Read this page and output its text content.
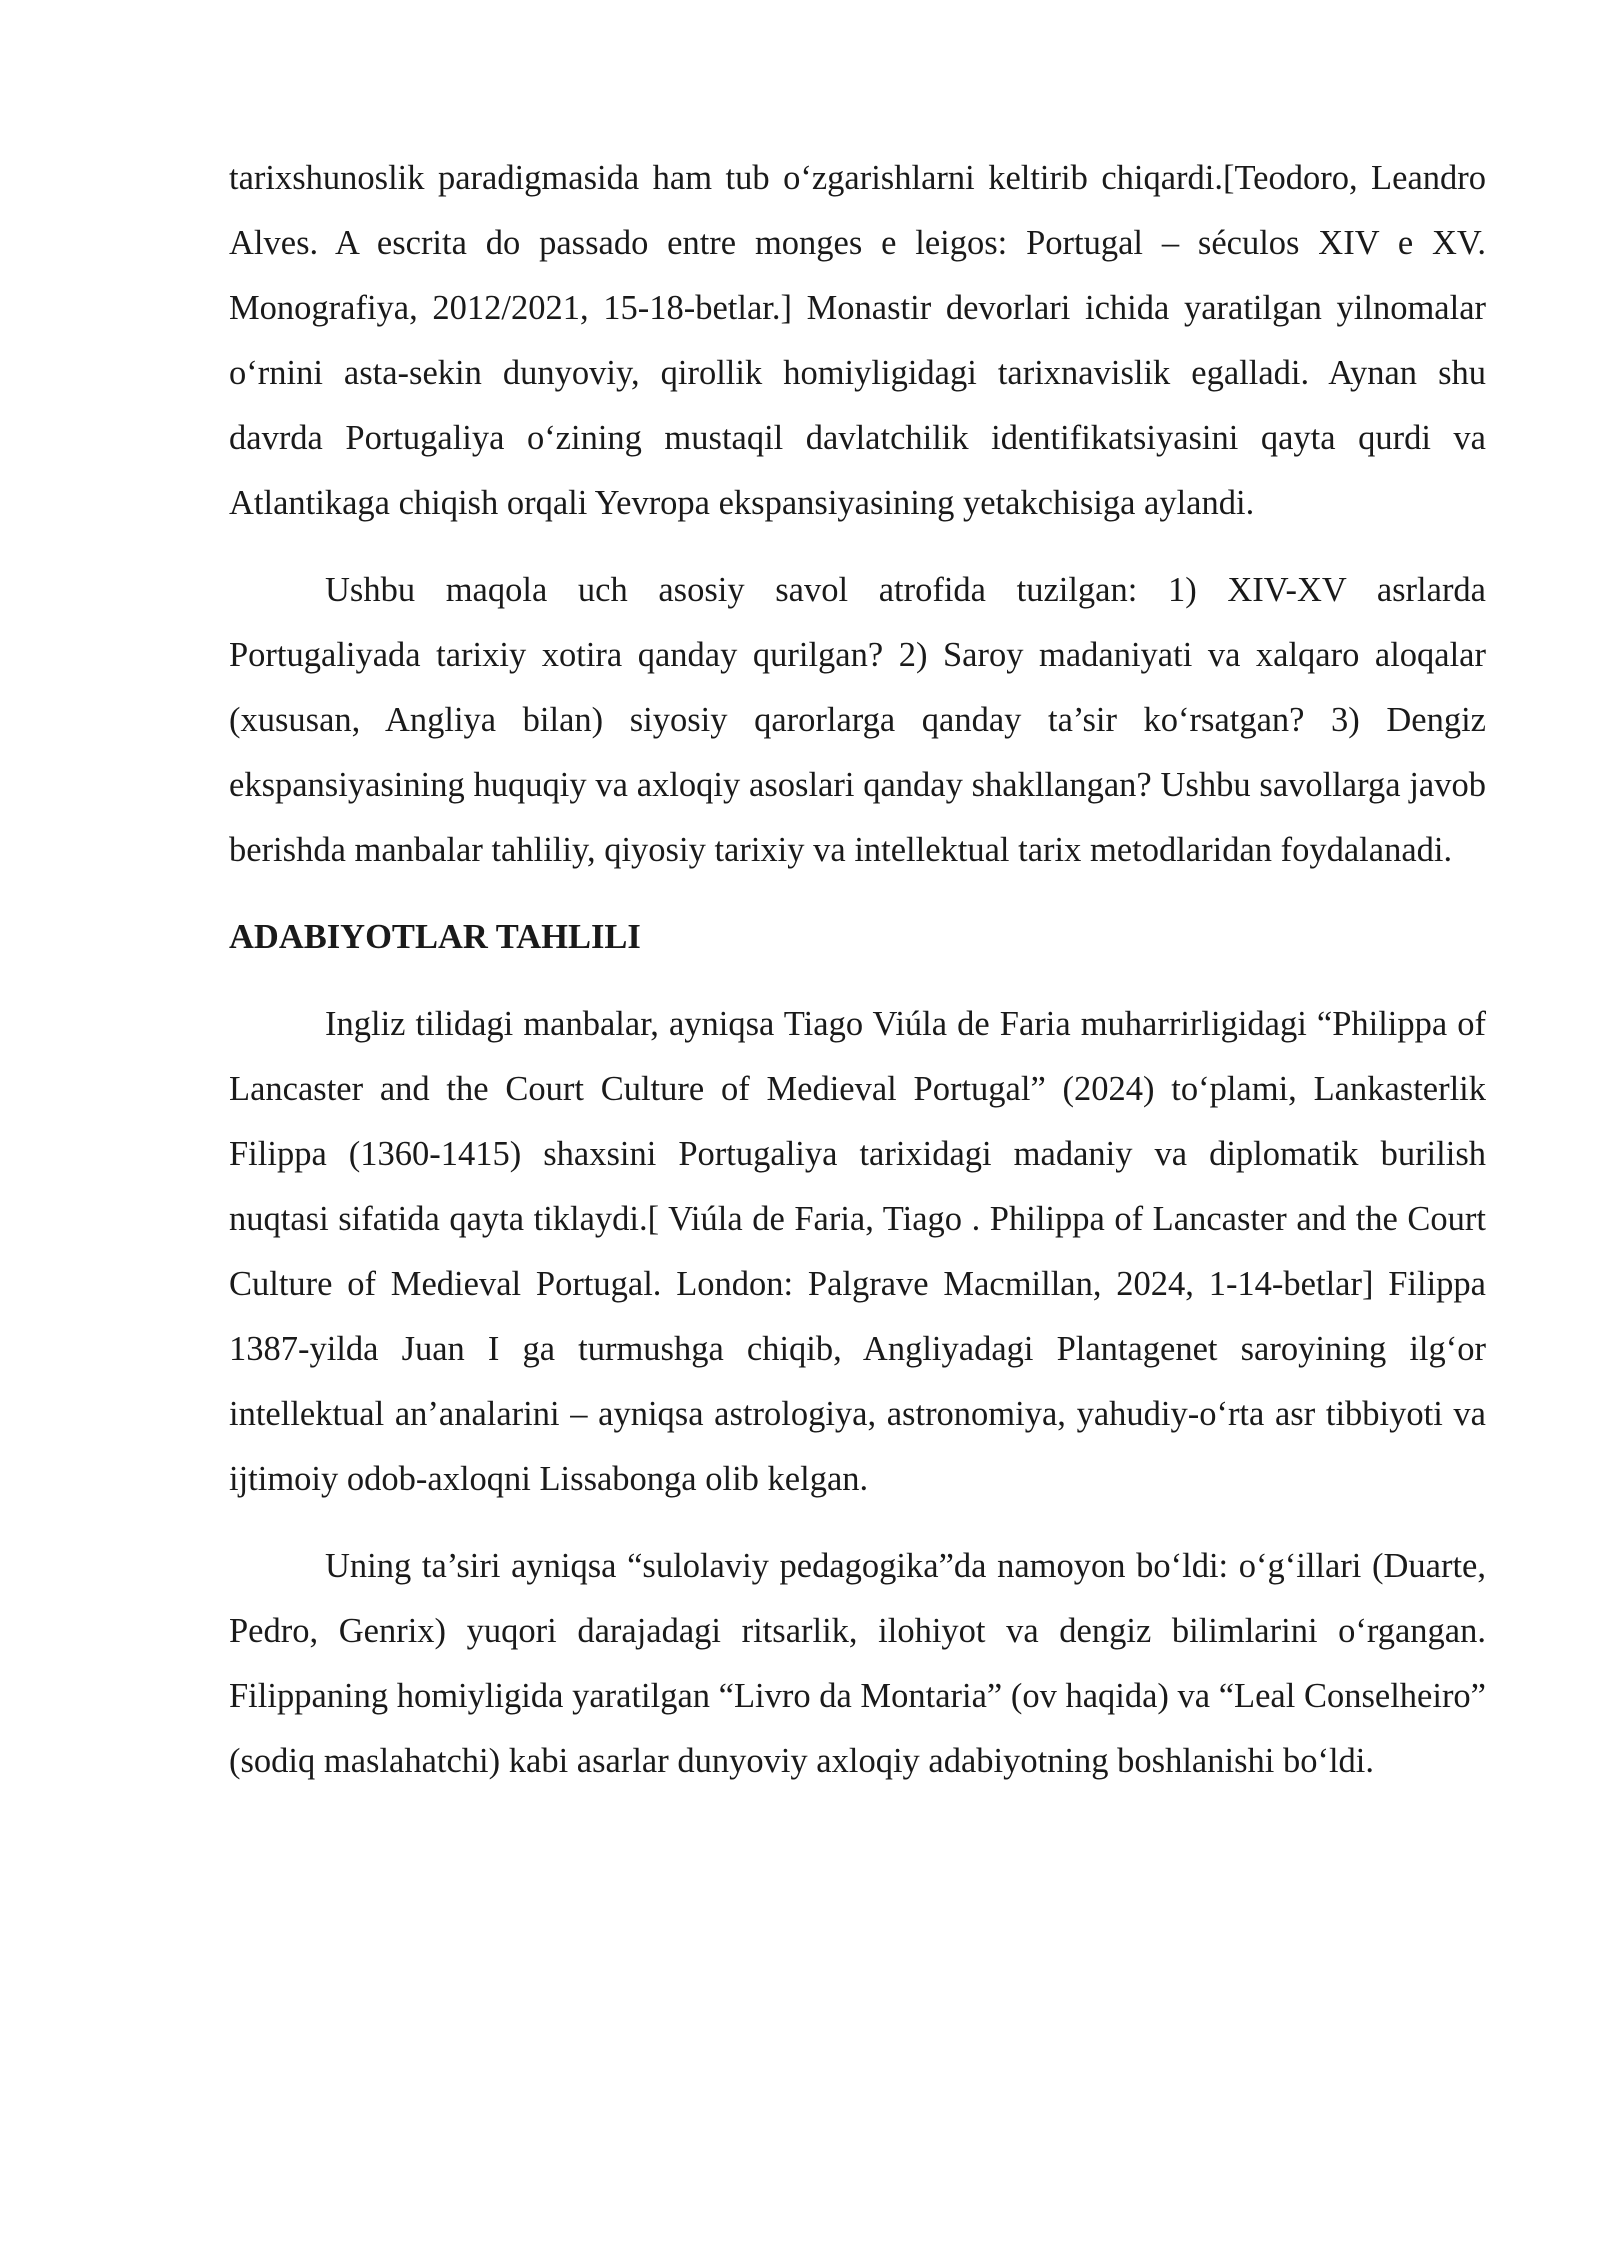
tarixshunoslik paradigmasida ham tub o‘zgarishlarni keltirib chiqardi.[Teodoro, Leandro Alves. A escrita do passado entre monges e leigos: Portugal – séculos XIV e XV. Monografiya, 2012/2021, 15-18-betlar.] Monastir devorlari ichida yaratilgan yilnomalar o‘rnini asta-sekin dunyoviy, qirollik homiyligidagi tarixnavislik egalladi. Aynan shu davrda Portugaliya o‘zining mustaqil davlatchilik identifikatsiyasini qayta qurdi va Atlantikaga chiqish orqali Yevropa ekspansiyasining yetakchisiga aylandi.

Ushbu maqola uch asosiy savol atrofida tuzilgan: 1) XIV-XV asrlarda Portugaliyada tarixiy xotira qanday qurilgan? 2) Saroy madaniyati va xalqaro aloqalar (xususan, Angliya bilan) siyosiy qarorlarga qanday ta’sir ko‘rsatgan? 3) Dengiz ekspansiyasining huquqiy va axloqiy asoslari qanday shakllangan? Ushbu savollarga javob berishda manbalar tahliliy, qiyosiy tarixiy va intellektual tarix metodlaridan foydalanadi.

ADABIYOTLAR TAHLILI

Ingliz tilidagi manbalar, ayniqsa Tiago Viúla de Faria muharrirligidagi “Philippa of Lancaster and the Court Culture of Medieval Portugal” (2024) to‘plami, Lankasterlik Filippa (1360-1415) shaxsini Portugaliya tarixidagi madaniy va diplomatik burilish nuqtasi sifatida qayta tiklaydi.[ Viúla de Faria, Tiago . Philippa of Lancaster and the Court Culture of Medieval Portugal. London: Palgrave Macmillan, 2024, 1-14-betlar] Filippa 1387-yilda Juan I ga turmushga chiqib, Angliyadagi Plantagenet saroyining ilg‘or intellektual an’analarini – ayniqsa astrologiya, astronomiya, yahudiy-o‘rta asr tibbiyoti va ijtimoiy odob-axloqni Lissabonga olib kelgan.

Uning ta’siri ayniqsa “sulolaviy pedagogika”da namoyon bo‘ldi: o‘g‘illari (Duarte, Pedro, Genrix) yuqori darajadagi ritsarlik, ilohiyot va dengiz bilimlarini o‘rgangan. Filippaning homiyligida yaratilgan “Livro da Montaria” (ov haqida) va “Leal Conselheiro” (sodiq maslahatchi) kabi asarlar dunyoviy axloqiy adabiyotning boshlanishi bo‘ldi.
